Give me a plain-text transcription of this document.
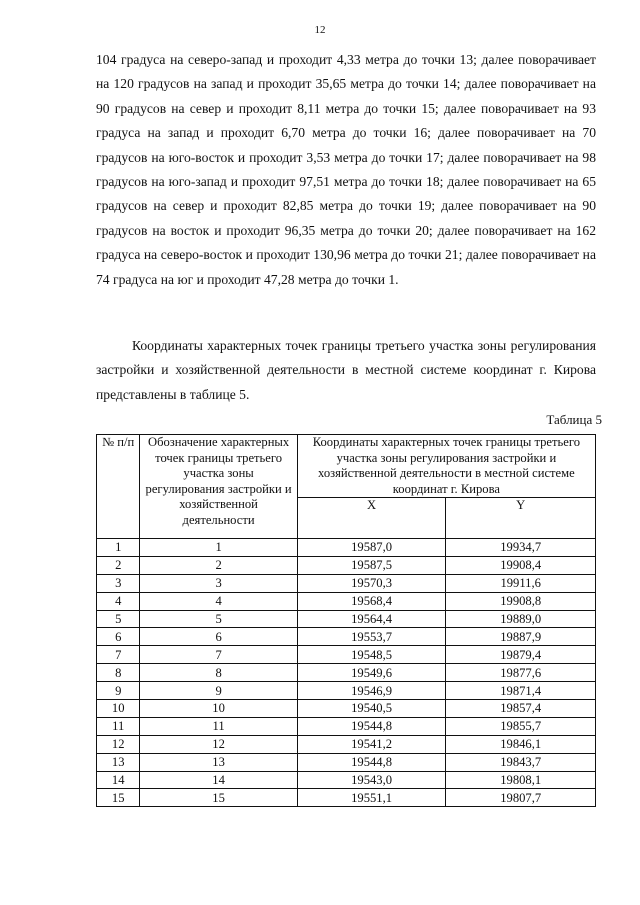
12

104 градуса на северо-запад и проходит 4,33 метра до точки 13; далее поворачивает на 120 градусов на запад и проходит 35,65 метра до точки 14; далее поворачивает на 90 градусов на север и проходит 8,11 метра до точки 15; далее поворачивает на 93 градуса на запад и проходит 6,70 метра до точки 16; далее поворачивает на 70 градусов на юго-восток и проходит 3,53 метра до точки 17; далее поворачивает на 98 градусов на юго-запад и проходит 97,51 метра до точки 18; далее поворачивает на 65 градусов на север и проходит 82,85 метра до точки 19; далее поворачивает на 90 градусов на восток и проходит 96,35 метра до точки 20; далее поворачивает на 162 градуса на северо-восток и проходит 130,96 метра до точки 21; далее поворачивает на 74 градуса на юг и проходит 47,28 метра до точки 1.

Координаты характерных точек границы третьего участка зоны регулирования застройки и хозяйственной деятельности в местной системе координат г. Кирова представлены в таблице 5.

Таблица 5
№ п/п	Обозначение характерных точек границы третьего участка зоны регулирования застройки и хозяйственной деятельности	Координаты характерных точек границы третьего участка зоны регулирования застройки и хозяйственной деятельности в местной системе координат г. Кирова	
		X	Y
1	1	19587,0	19934,7
2	2	19587,5	19908,4
3	3	19570,3	19911,6
4	4	19568,4	19908,8
5	5	19564,4	19889,0
6	6	19553,7	19887,9
7	7	19548,5	19879,4
8	8	19549,6	19877,6
9	9	19546,9	19871,4
10	10	19540,5	19857,4
11	11	19544,8	19855,7
12	12	19541,2	19846,1
13	13	19544,8	19843,7
14	14	19543,0	19808,1
15	15	19551,1	19807,7
